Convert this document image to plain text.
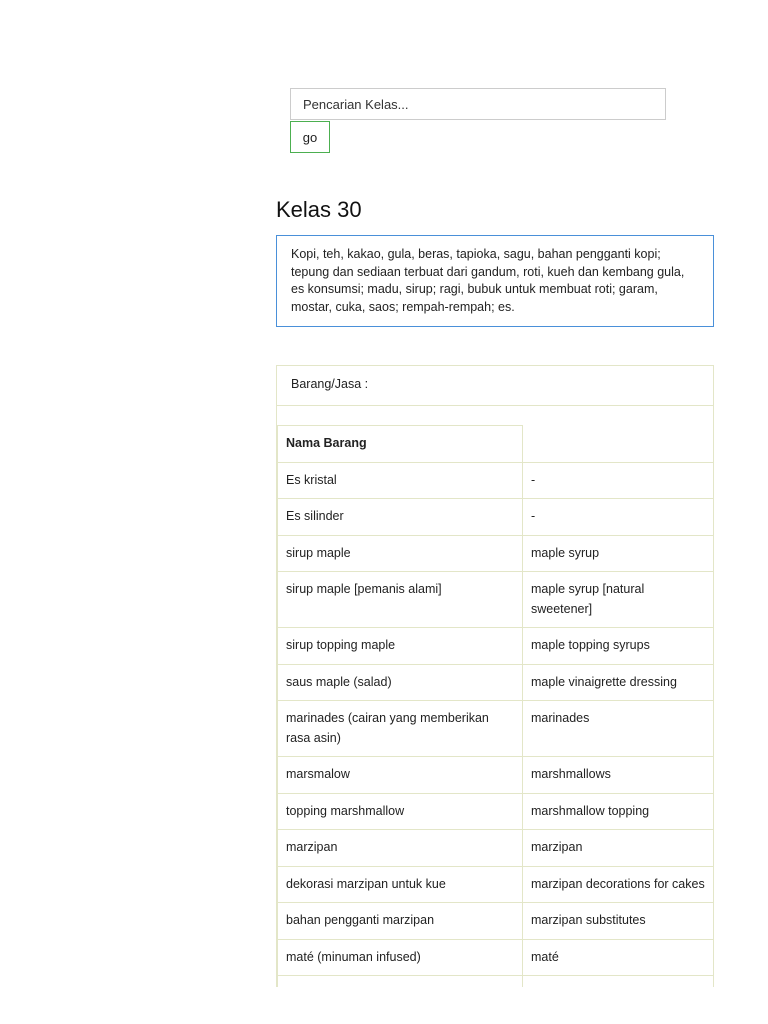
Pencarian Kelas...
go
Kelas 30
Kopi, teh, kakao, gula, beras, tapioka, sagu, bahan pengganti kopi; tepung dan sediaan terbuat dari gandum, roti, kueh dan kembang gula, es konsumsi; madu, sirup; ragi, bubuk untuk membuat roti; garam, mostar, cuka, saos; rempah-rempah; es.
Barang/Jasa :
Nama Barang	
Es kristal	-
Es silinder	-
sirup maple	maple syrup
sirup maple [pemanis alami]	maple syrup [natural sweetener]
sirup topping maple	maple topping syrups
saus maple (salad)	maple vinaigrette dressing
marinades (cairan yang memberikan rasa asin)	marinades
marsmalow	marshmallows
topping marshmallow	marshmallow topping
marzipan	marzipan
dekorasi marzipan untuk kue	marzipan decorations for cakes
bahan pengganti marzipan	marzipan substitutes
maté (minuman infused)	maté
